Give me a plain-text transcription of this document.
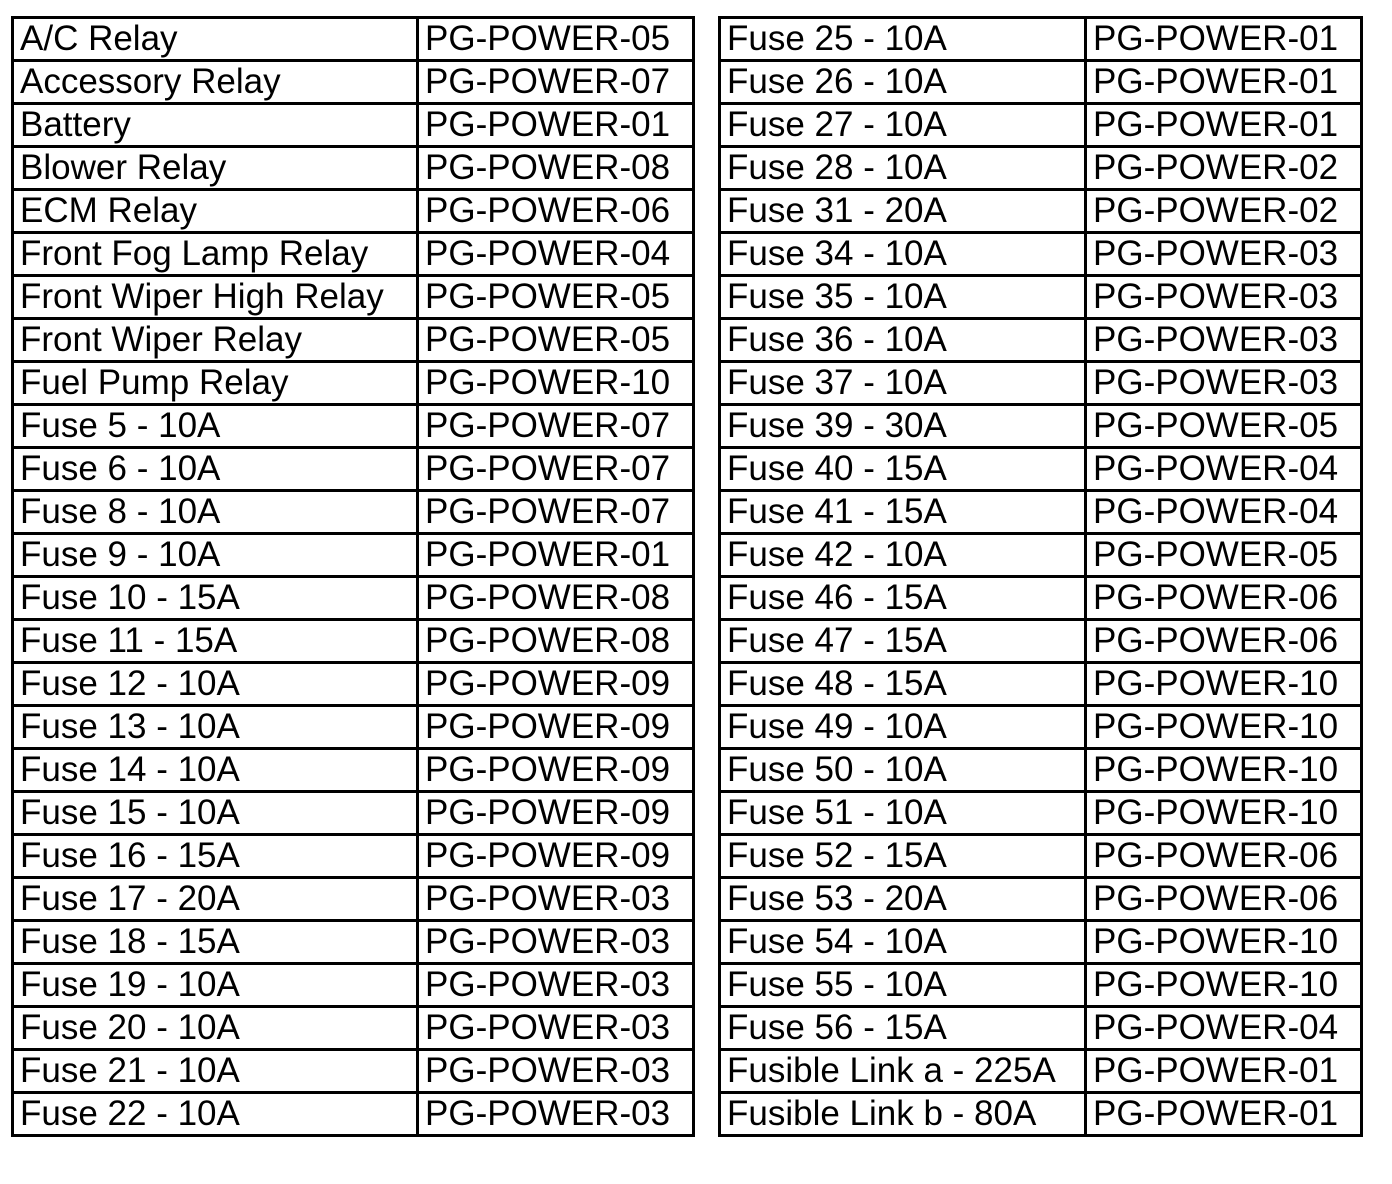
A/C Relay	PG-POWER-05
Accessory Relay	PG-POWER-07
Battery	PG-POWER-01
Blower Relay	PG-POWER-08
ECM Relay	PG-POWER-06
Front Fog Lamp Relay	PG-POWER-04
Front Wiper High Relay	PG-POWER-05
Front Wiper Relay	PG-POWER-05
Fuel Pump Relay	PG-POWER-10
Fuse 5 - 10A	PG-POWER-07
Fuse 6 - 10A	PG-POWER-07
Fuse 8 - 10A	PG-POWER-07
Fuse 9 - 10A	PG-POWER-01
Fuse 10 - 15A	PG-POWER-08
Fuse 11 - 15A	PG-POWER-08
Fuse 12 - 10A	PG-POWER-09
Fuse 13 - 10A	PG-POWER-09
Fuse 14 - 10A	PG-POWER-09
Fuse 15 - 10A	PG-POWER-09
Fuse 16 - 15A	PG-POWER-09
Fuse 17 - 20A	PG-POWER-03
Fuse 18 - 15A	PG-POWER-03
Fuse 19 - 10A	PG-POWER-03
Fuse 20 - 10A	PG-POWER-03
Fuse 21 - 10A	PG-POWER-03
Fuse 22 - 10A	PG-POWER-03
Fuse 25 - 10A	PG-POWER-01
Fuse 26 - 10A	PG-POWER-01
Fuse 27 - 10A	PG-POWER-01
Fuse 28 - 10A	PG-POWER-02
Fuse 31 - 20A	PG-POWER-02
Fuse 34 - 10A	PG-POWER-03
Fuse 35 - 10A	PG-POWER-03
Fuse 36 - 10A	PG-POWER-03
Fuse 37 - 10A	PG-POWER-03
Fuse 39 - 30A	PG-POWER-05
Fuse 40 - 15A	PG-POWER-04
Fuse 41 - 15A	PG-POWER-04
Fuse 42 - 10A	PG-POWER-05
Fuse 46 - 15A	PG-POWER-06
Fuse 47 - 15A	PG-POWER-06
Fuse 48 - 15A	PG-POWER-10
Fuse 49 - 10A	PG-POWER-10
Fuse 50 - 10A	PG-POWER-10
Fuse 51 - 10A	PG-POWER-10
Fuse 52 - 15A	PG-POWER-06
Fuse 53 - 20A	PG-POWER-06
Fuse 54 - 10A	PG-POWER-10
Fuse 55 - 10A	PG-POWER-10
Fuse 56 - 15A	PG-POWER-04
Fusible Link a - 225A	PG-POWER-01
Fusible Link b - 80A	PG-POWER-01
